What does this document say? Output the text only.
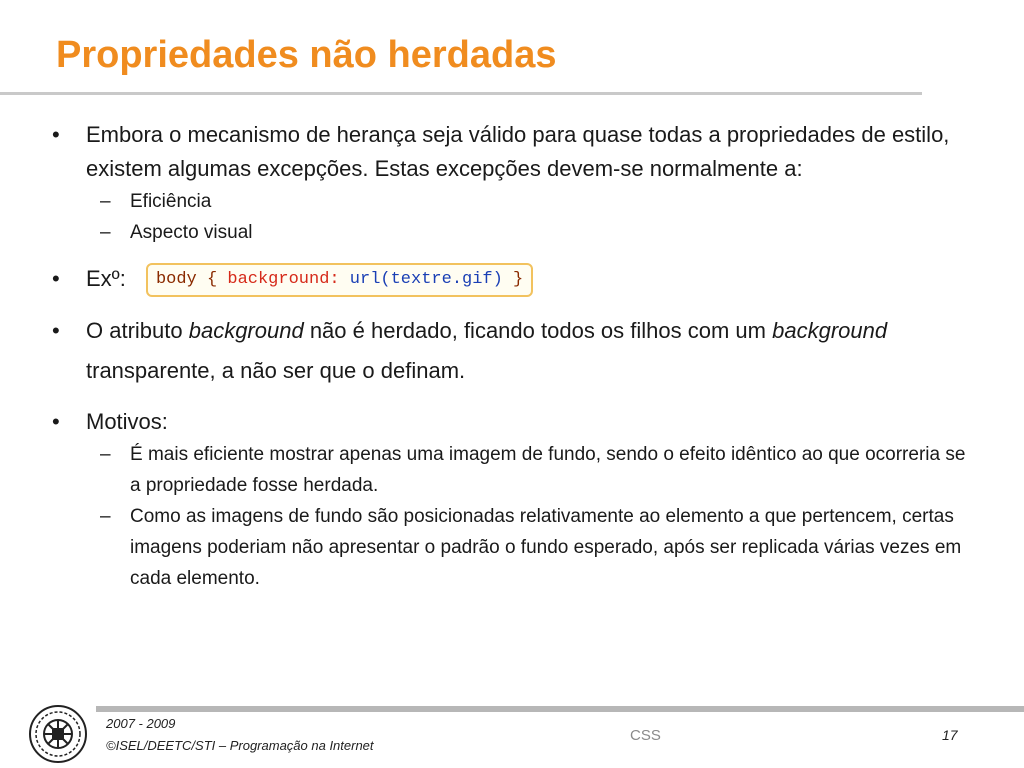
Propriedades não herdadas
• Embora o mecanismo de herança seja válido para quase todas a propriedades de estilo, existem algumas excepções. Estas excepções devem-se normalmente a:
– Eficiência
– Aspecto visual
• Exº: body { background: url(textre.gif) }
• O atributo background não é herdado, ficando todos os filhos com um background transparente, a não ser que o definam.
• Motivos:
– É mais eficiente mostrar apenas uma imagem de fundo, sendo o efeito idêntico ao que ocorreria se a propriedade fosse herdada.
– Como as imagens de fundo são posicionadas relativamente ao elemento a que pertencem, certas imagens poderiam não apresentar o padrão o fundo esperado, após ser replicada várias vezes em cada elemento.
2007 - 2009
©ISEL/DEETC/STI – Programação na Internet
CSS	17
